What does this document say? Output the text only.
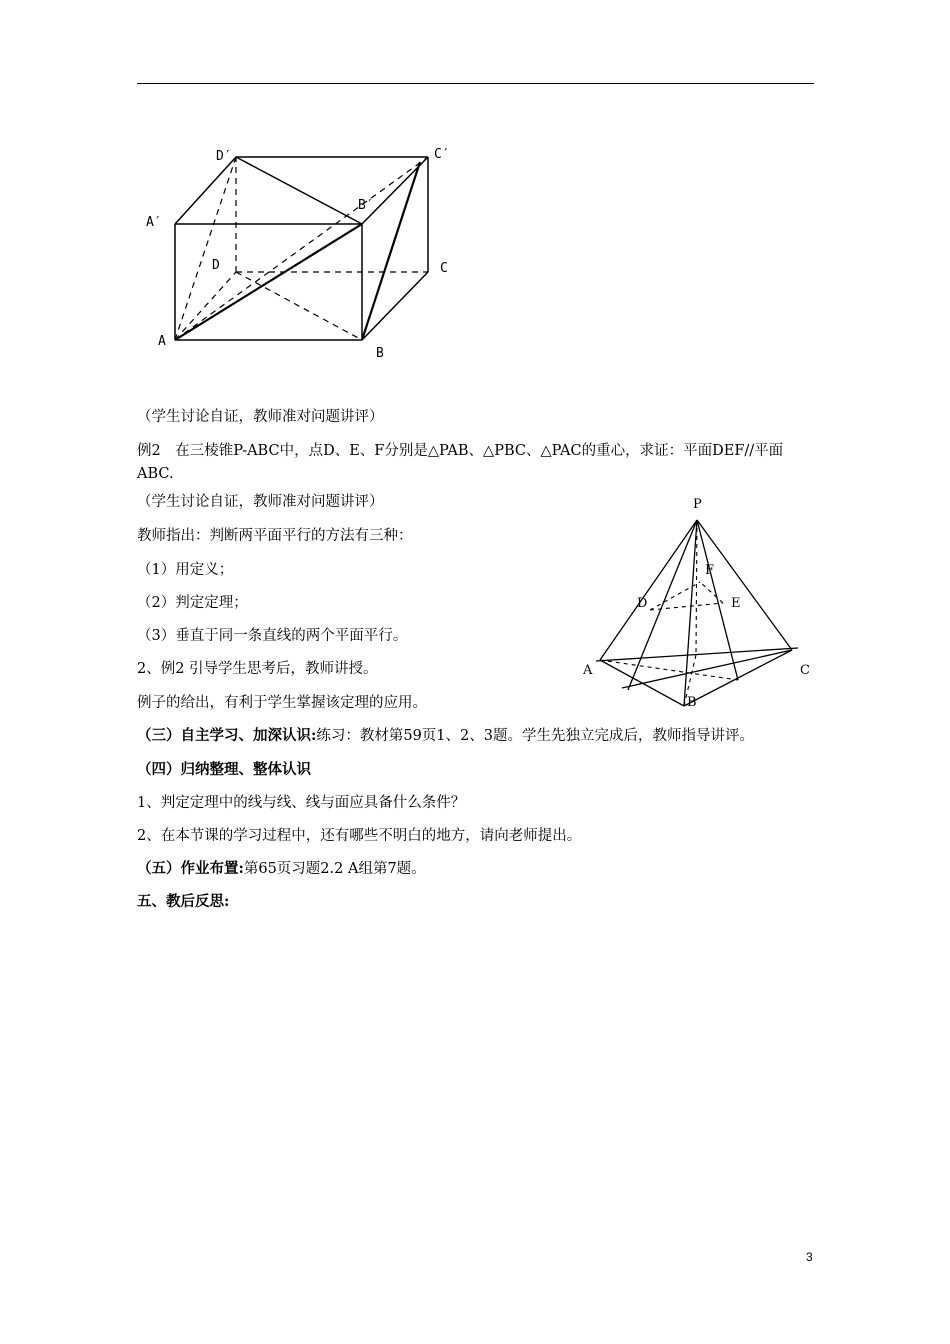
D′	C′
A′
B′
D	C
A
B
P
F
D	E
A	C
B
（学生讨论自证，教师准对问题讲评）
例2　在三棱锥P-ABC中，点D、E、F分别是△PAB、△PBC、△PAC的重心，求证：平面DEF//平面ABC.
（学生讨论自证，教师准对问题讲评）
教师指出：判断两平面平行的方法有三种：
（1）用定义；
（2）判定定理；
（3）垂直于同一条直线的两个平面平行。
2、例2 引导学生思考后，教师讲授。
例子的给出，有利于学生掌握该定理的应用。
（三）自主学习、加深认识:练习：教材第59页1、2、3题。学生先独立完成后，教师指导讲评。
（四）归纳整理、整体认识
1、判定定理中的线与线、线与面应具备什么条件？
2、在本节课的学习过程中，还有哪些不明白的地方，请向老师提出。
（五）作业布置:第65页习题2.2 A组第7题。
五、教后反思:
3
